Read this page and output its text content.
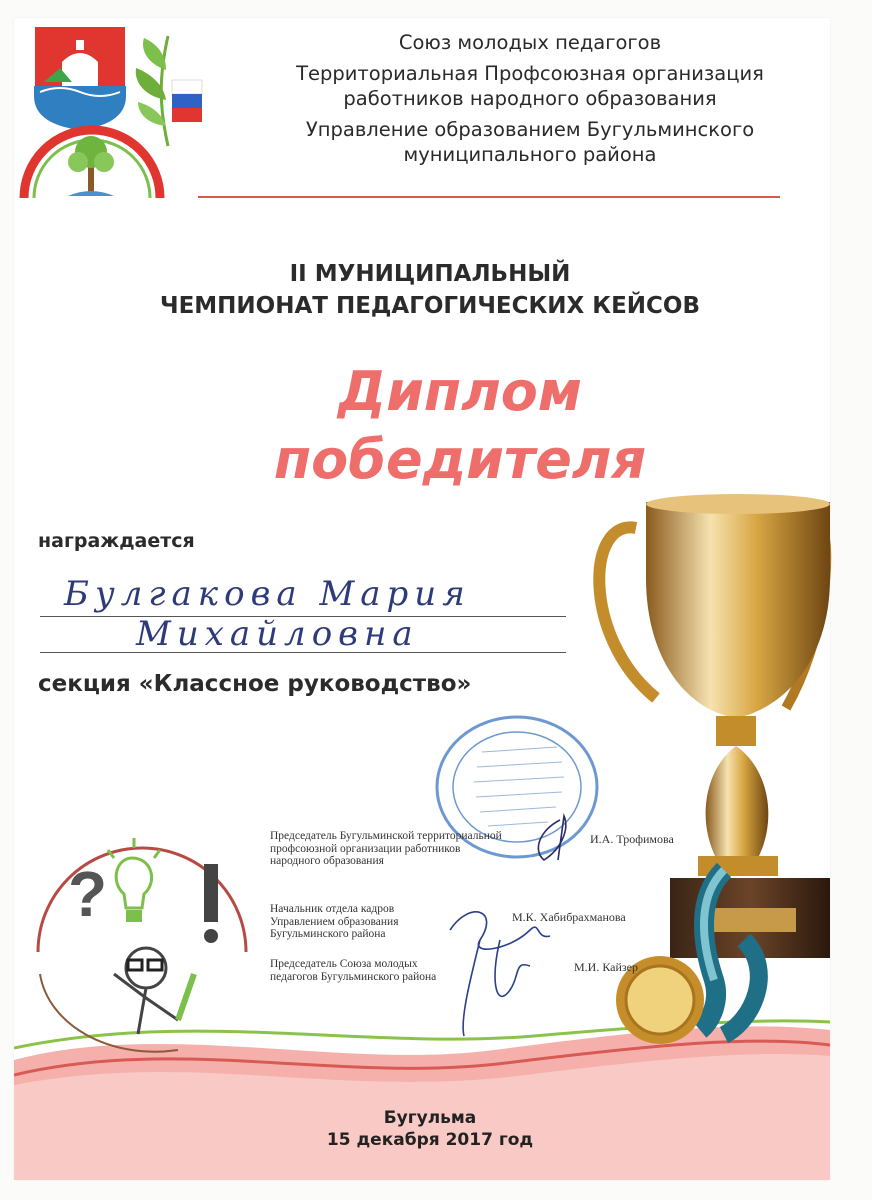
Союз молодых педагогов
Территориальная Профсоюзная организация
работников народного образования
Управление образованием Бугульминского
муниципального района
II МУНИЦИПАЛЬНЫЙ
ЧЕМПИОНАТ ПЕДАГОГИЧЕСКИХ КЕЙСОВ
Диплом
победителя
награждается
Булгакова Мария
Михайловна
секция «Классное руководство»
?
Председатель Бугульминской территориальной профсоюзной организации работников народного образования
И.А. Трофимова
Начальник отдела кадров Управлением образования Бугульминского района
М.К. Хабибрахманова
Председатель Союза молодых педагогов Бугульминского района
М.И. Кайзер
Бугульма
15 декабря 2017 год
